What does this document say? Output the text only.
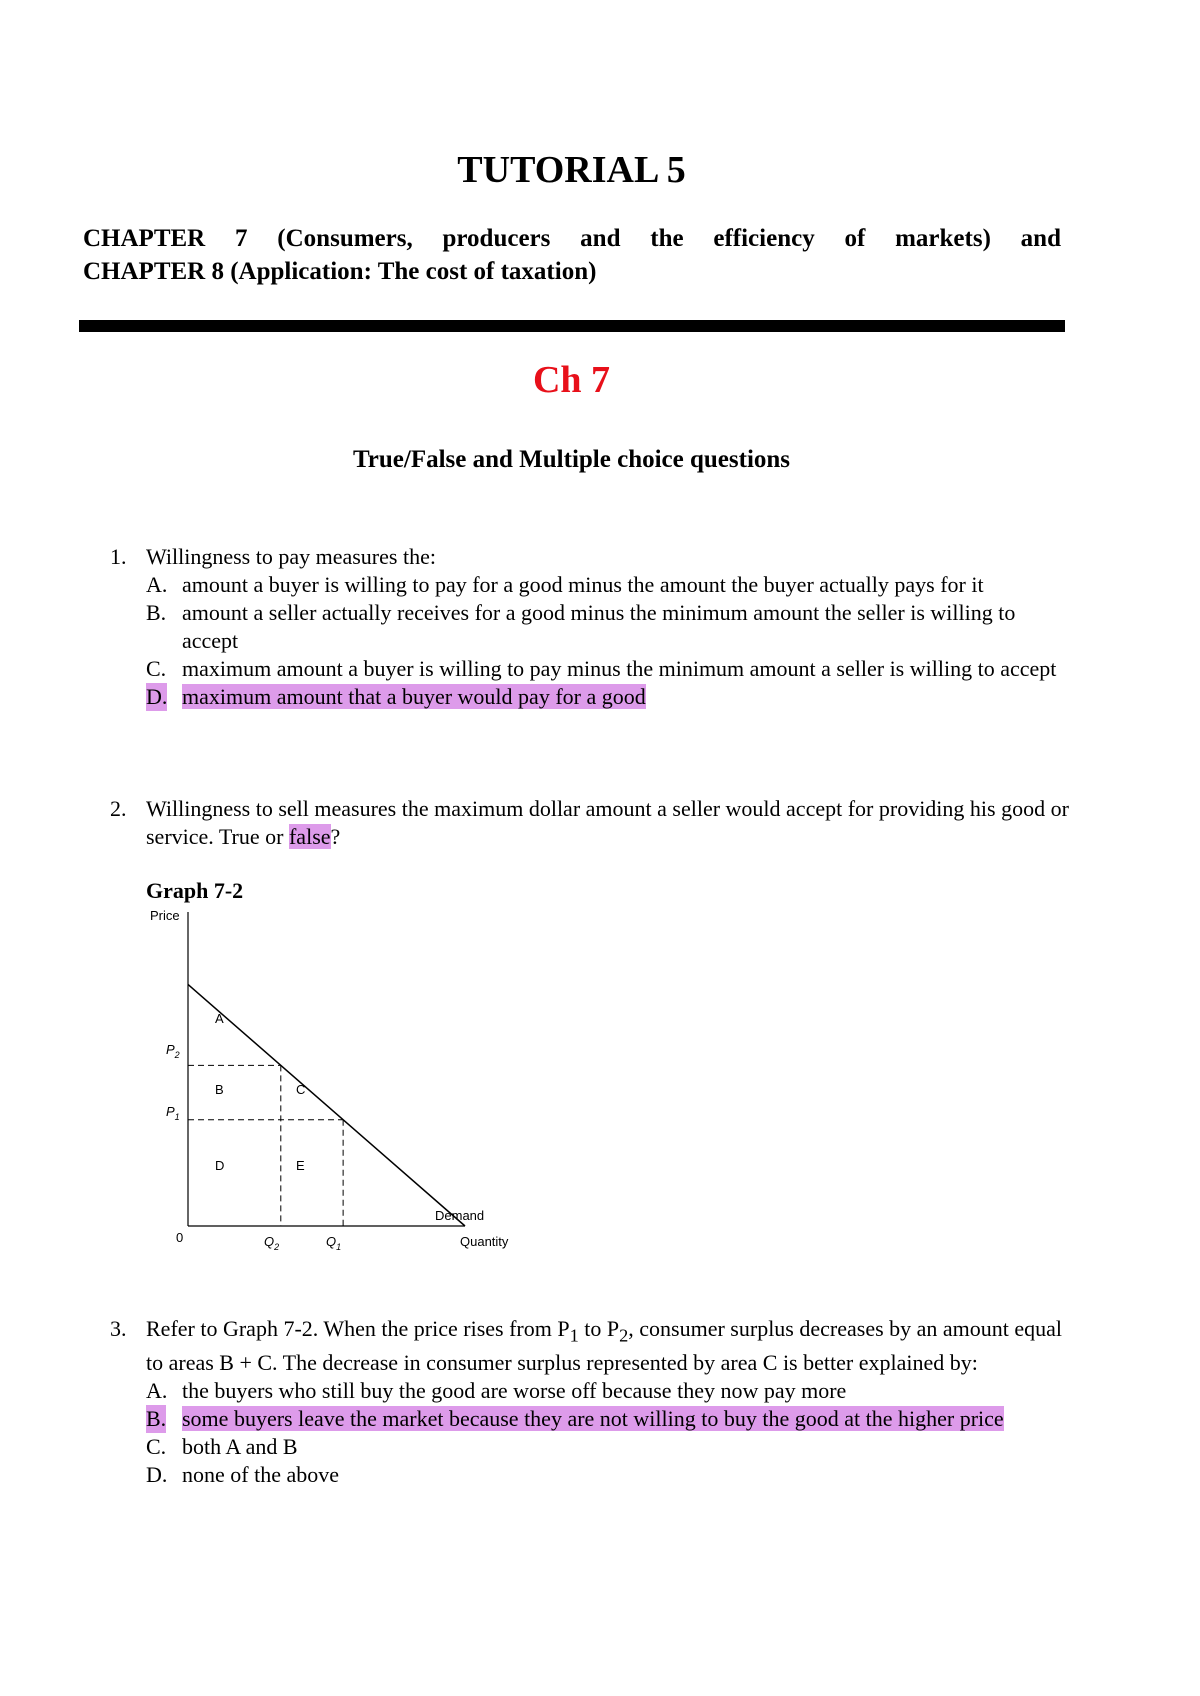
TUTORIAL 5
CHAPTER 7 (Consumers, producers and the efficiency of markets) and
CHAPTER 8 (Application: The cost of taxation)
Ch 7
True/False and Multiple choice questions
1. Willingness to pay measures the:
A. amount a buyer is willing to pay for a good minus the amount the buyer actually pays for it
B. amount a seller actually receives for a good minus the minimum amount the seller is willing to accept
C. maximum amount a buyer is willing to pay minus the minimum amount a seller is willing to accept
D. maximum amount that a buyer would pay for a good
2. Willingness to sell measures the maximum dollar amount a seller would accept for providing his good or service. True or false?
Graph 7-2
Price
Demand
Quantity
0
$P_2$
$P_1$
$Q_2$	$Q_1$
A
B	C
D	E
3. Refer to Graph 7-2. When the price rises from $P_1$ to $P_2$, consumer surplus decreases by an amount equal to areas B + C. The decrease in consumer surplus represented by area C is better explained by:
A. the buyers who still buy the good are worse off because they now pay more
B. some buyers leave the market because they are not willing to buy the good at the higher price
C. both A and B
D. none of the above
